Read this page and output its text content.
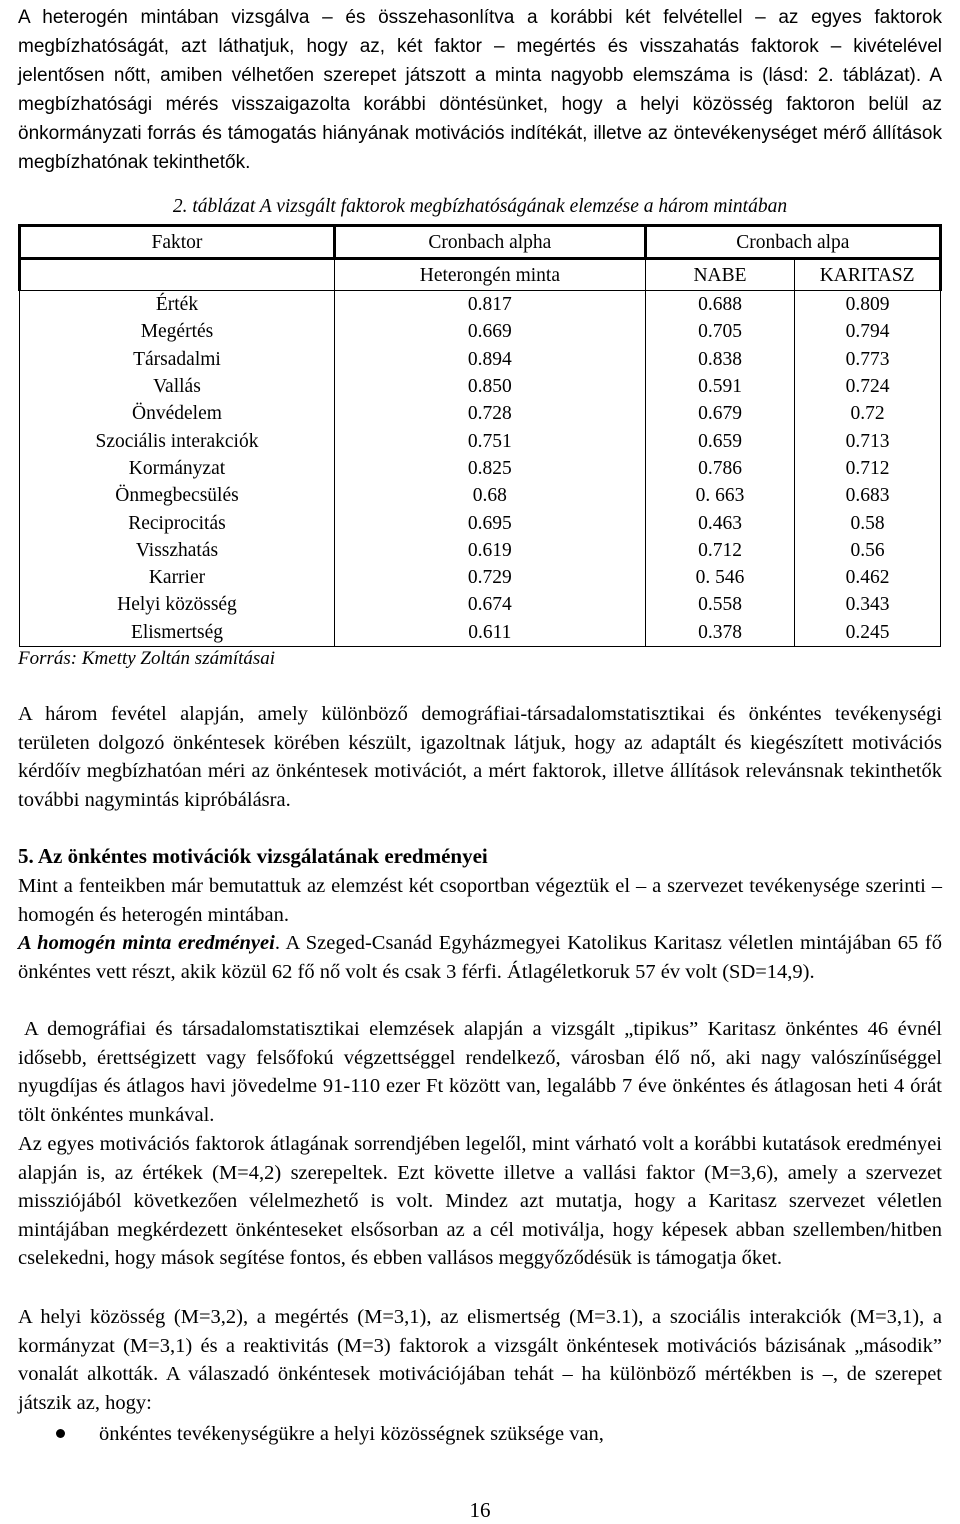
A heterogén mintában vizsgálva – és összehasonlítva a korábbi két felvétellel – az egyes faktorok megbízhatóságát, azt láthatjuk, hogy az, két faktor – megértés és visszahatás faktorok – kivételével jelentősen nőtt, amiben vélhetően szerepet játszott a minta nagyobb elemszáma is (lásd: 2. táblázat). A megbízhatósági mérés visszaigazolta korábbi döntésünket, hogy a helyi közösség faktoron belül az önkormányzati forrás és támogatás hiányának motivációs indítékát, illetve az öntevékenységet mérő állítások megbízhatónak tekinthetők.

2. táblázat A vizsgált faktorok megbízhatóságának elemzése a három mintában
Faktor	Cronbach alpha	Cronbach alpa	
	Heterongén minta	NABE	KARITASZ
Érték	0.817	0.688	0.809
Megértés	0.669	0.705	0.794
Társadalmi	0.894	0.838	0.773
Vallás	0.850	0.591	0.724
Önvédelem	0.728	0.679	0.72
Szociális interakciók	0.751	0.659	0.713
Kormányzat	0.825	0.786	0.712
Önmegbecsülés	0.68	0. 663	0.683
Reciprocitás	0.695	0.463	0.58
Visszhatás	0.619	0.712	0.56
Karrier	0.729	0. 546	0.462
Helyi közösség	0.674	0.558	0.343
Elismertség	0.611	0.378	0.245
Forrás: Kmetty Zoltán számításai

A három fevétel alapján, amely különböző demográfiai-társadalomstatisztikai és önkéntes tevékenységi területen dolgozó önkéntesek körében készült, igazoltnak látjuk, hogy az adaptált és kiegészített motivációs kérdőív megbízhatóan méri az önkéntesek motivációt, a mért faktorok, illetve állítások relevánsnak tekinthetők további nagymintás kipróbálásra.

5. Az önkéntes motivációk vizsgálatának eredményei

Mint a fenteikben már bemutattuk az elemzést két csoportban végeztük el – a szervezet tevékenysége szerinti –homogén és heterogén mintában.

A homogén minta eredményei. A Szeged-Csanád Egyházmegyei Katolikus Karitasz véletlen mintájában 65 fő önkéntes vett részt, akik közül 62 fő nő volt és csak 3 férfi. Átlagéletkoruk 57 év volt (SD=14,9).

A demográfiai és társadalomstatisztikai elemzések alapján a vizsgált „tipikus” Karitasz önkéntes 46 évnél idősebb, érettségizett vagy felsőfokú végzettséggel rendelkező, városban élő nő, aki nagy valószínűséggel nyugdíjas és átlagos havi jövedelme 91-110 ezer Ft között van, legalább 7 éve önkéntes és átlagosan heti 4 órát tölt önkéntes munkával.

Az egyes motivációs faktorok átlagának sorrendjében legelől, mint várható volt a korábbi kutatások eredményei alapján is, az értékek (M=4,2) szerepeltek. Ezt követte illetve a vallási faktor (M=3,6), amely a szervezet missziójából következően vélelmezhető is volt. Mindez azt mutatja, hogy a Karitasz szervezet véletlen mintájában megkérdezett önkénteseket elsősorban az a cél motiválja, hogy képesek abban szellemben/hitben cselekedni, hogy mások segítése fontos, és ebben vallásos meggyőződésük is támogatja őket.

A helyi közösség (M=3,2), a megértés (M=3,1), az elismertség (M=3.1), a szociális interakciók (M=3,1), a kormányzat (M=3,1) és a reaktivitás (M=3) faktorok a vizsgált önkéntesek motivációs bázisának „második” vonalát alkották. A válaszadó önkéntesek motivációjában tehát – ha különböző mértékben is –, de szerepet játszik az, hogy:

önkéntes tevékenységükre a helyi közösségnek szüksége van,
16
